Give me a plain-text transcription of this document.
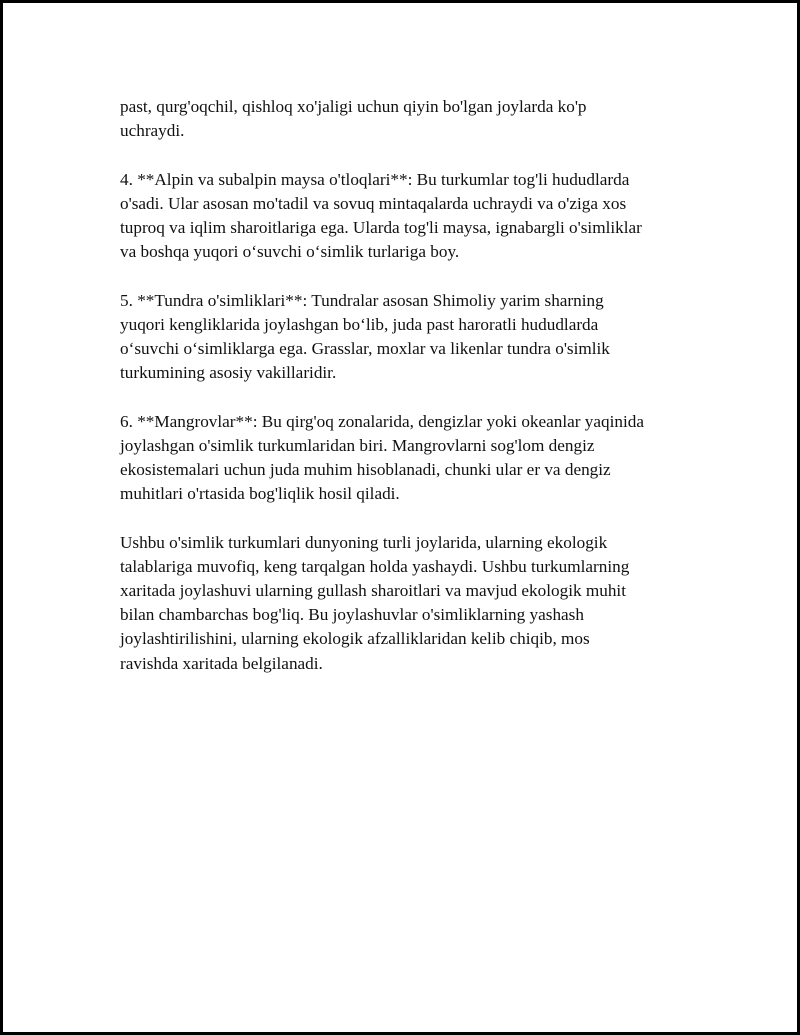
past, qurg'oqchil, qishloq xo'jaligi uchun qiyin bo'lgan joylarda ko'p
uchraydi.

4. **Alpin va subalpin maysa o'tloqlari**: Bu turkumlar tog'li hududlarda
o'sadi. Ular asosan mo'tadil va sovuq mintaqalarda uchraydi va o'ziga xos
tuproq va iqlim sharoitlariga ega. Ularda tog'li maysa, ignabargli o'simliklar
va boshqa yuqori o‘suvchi o‘simlik turlariga boy.

5. **Tundra o'simliklari**: Tundralar asosan Shimoliy yarim sharning
yuqori kengliklarida joylashgan bo‘lib, juda past haroratli hududlarda
o‘suvchi o‘simliklarga ega. Grasslar, moxlar va likenlar tundra o'simlik
turkumining asosiy vakillaridir.

6. **Mangrovlar**: Bu qirg'oq zonalarida, dengizlar yoki okeanlar yaqinida
joylashgan o'simlik turkumlaridan biri. Mangrovlarni sog'lom dengiz
ekosistemalari uchun juda muhim hisoblanadi, chunki ular er va dengiz
muhitlari o'rtasida bog'liqlik hosil qiladi.

Ushbu o'simlik turkumlari dunyoning turli joylarida, ularning ekologik
talablariga muvofiq, keng tarqalgan holda yashaydi. Ushbu turkumlarning
xaritada joylashuvi ularning gullash sharoitlari va mavjud ekologik muhit
bilan chambarchas bog'liq. Bu joylashuvlar o'simliklarning yashash
joylashtirilishini, ularning ekologik afzalliklaridan kelib chiqib, mos
ravishda xaritada belgilanadi.
